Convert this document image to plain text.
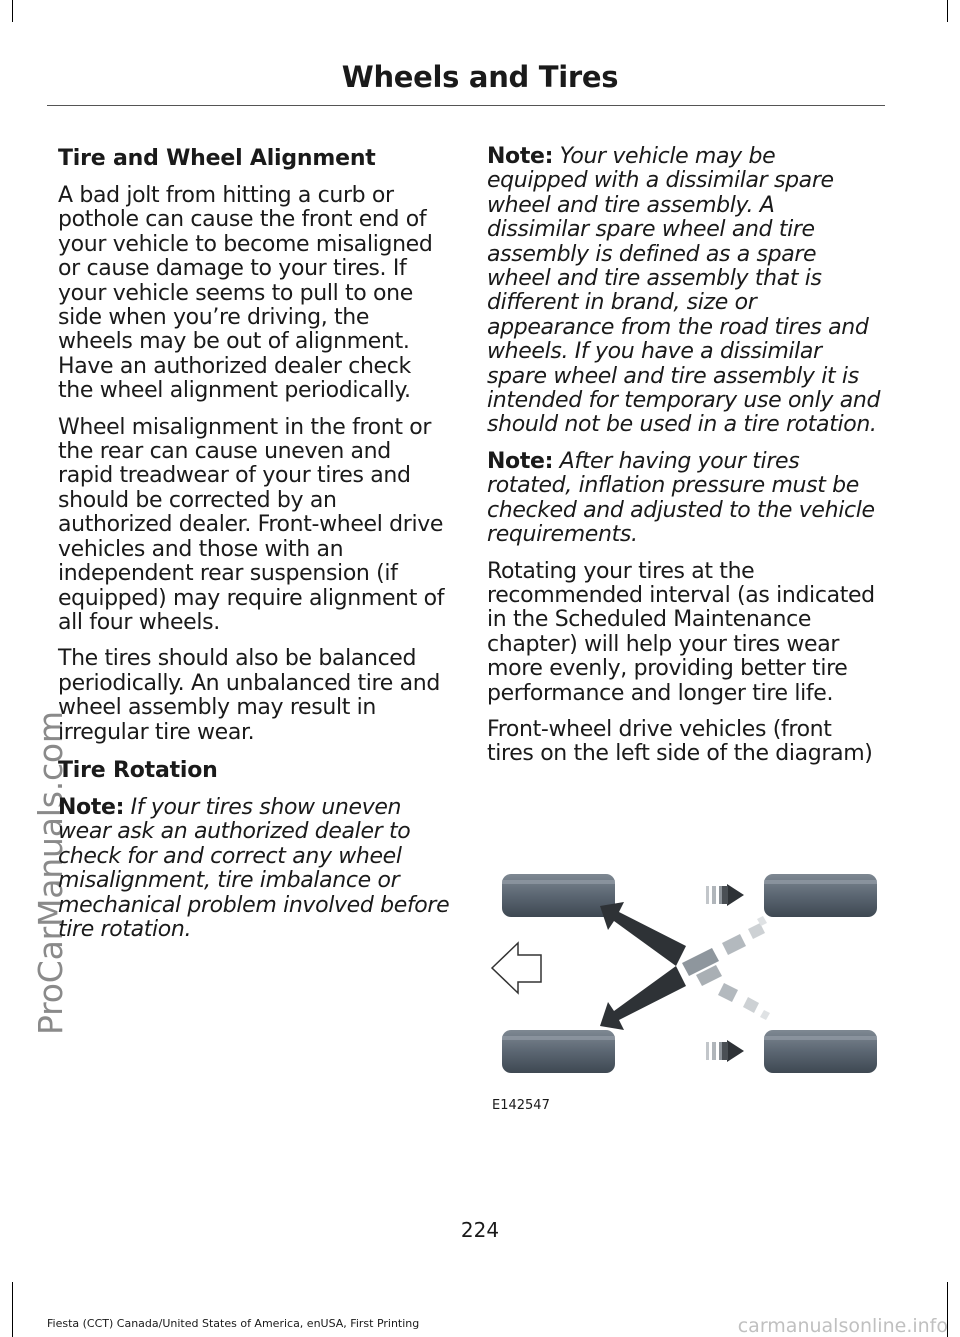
Wheels and Tires
ProCarManuals.com
Tire and Wheel Alignment

A bad jolt from hitting a curb or pothole can cause the front end of your vehicle to become misaligned or cause damage to your tires. If your vehicle seems to pull to one side when you’re driving, the wheels may be out of alignment. Have an authorized dealer check the wheel alignment periodically.

Wheel misalignment in the front or the rear can cause uneven and rapid treadwear of your tires and should be corrected by an authorized dealer. Front-wheel drive vehicles and those with an independent rear suspension (if equipped) may require alignment of all four wheels.

The tires should also be balanced periodically. An unbalanced tire and wheel assembly may result in irregular tire wear.

Tire Rotation

Note: If your tires show uneven wear ask an authorized dealer to check for and correct any wheel misalignment, tire imbalance or mechanical problem involved before tire rotation.

Note: Your vehicle may be equipped with a dissimilar spare wheel and tire assembly. A dissimilar spare wheel and tire assembly is defined as a spare wheel and tire assembly that is different in brand, size or appearance from the road tires and wheels. If you have a dissimilar spare wheel and tire assembly it is intended for temporary use only and should not be used in a tire rotation.

Note: After having your tires rotated, inflation pressure must be checked and adjusted to the vehicle requirements.

Rotating your tires at the recommended interval (as indicated in the Scheduled Maintenance chapter) will help your tires wear more evenly, providing better tire performance and longer tire life.

Front-wheel drive vehicles (front tires on the left side of the diagram)

E142547
224
Fiesta (CCT) Canada/United States of America, enUSA, First Printing	carmanualsonline.info
